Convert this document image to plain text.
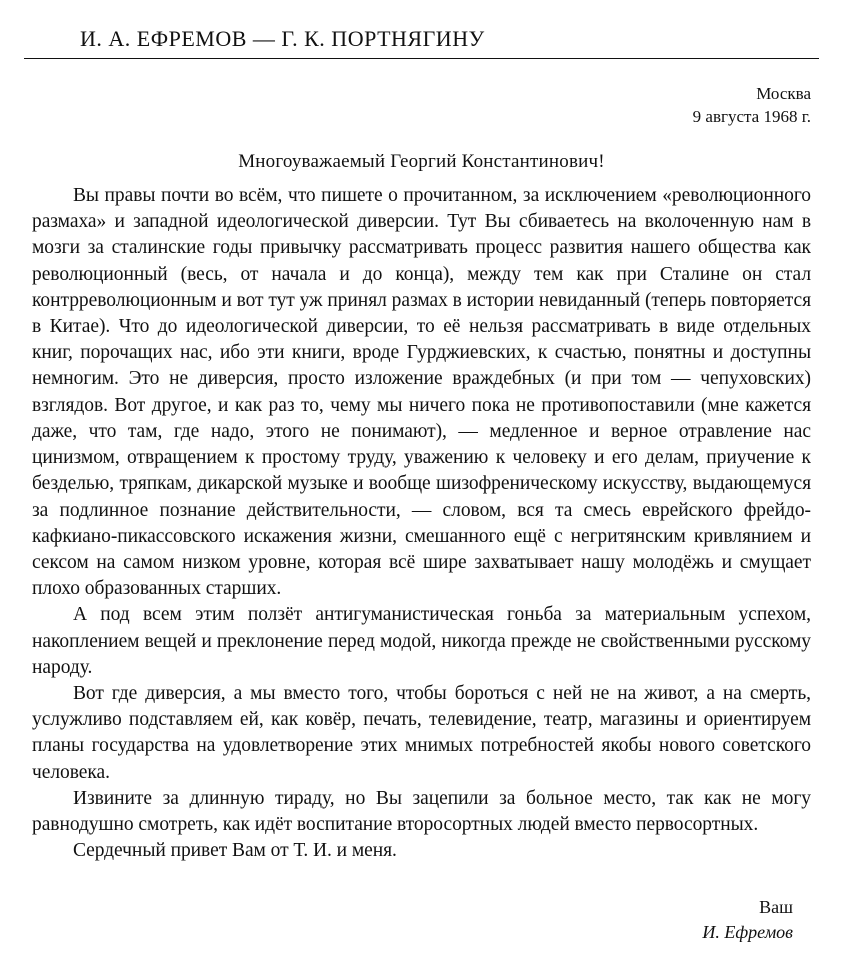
И. А. ЕФРЕМОВ — Г. К. ПОРТНЯГИНУ
Москва
9 августа 1968 г.
Многоуважаемый Георгий Константинович!

Вы правы почти во всём, что пишете о прочитанном, за исключением «революционного размаха» и западной идеологической диверсии. Тут Вы сбиваетесь на вколоченную нам в мозги за сталинские годы привычку рассматривать процесс развития нашего общества как революционный (весь, от начала и до конца), между тем как при Сталине он стал контрреволюционным и вот тут уж принял размах в истории невиданный (теперь повторяется в Китае). Что до идеологической диверсии, то её нельзя рассматривать в виде отдельных книг, порочащих нас, ибо эти книги, вроде Гурджиевских, к счастью, понятны и доступны немногим. Это не диверсия, просто изложение враждебных (и при том — чепуховских) взглядов. Вот другое, и как раз то, чему мы ничего пока не противопоставили (мне кажется даже, что там, где надо, этого не понимают), — медленное и верное отравление нас цинизмом, отвращением к простому труду, уважению к человеку и его делам, приучение к безделью, тряпкам, дикарской музыке и вообще шизофреническому искусству, выдающемуся за подлинное познание действительности, — словом, вся та смесь еврейского фрейдо-кафкиано-пикассовского искажения жизни, смешанного ещё с негритянским кривлянием и сексом на самом низком уровне, которая всё шире захватывает нашу молодёжь и смущает плохо образованных старших.

А под всем этим ползёт антигуманистическая гоньба за материальным успехом, накоплением вещей и преклонение перед модой, никогда прежде не свойственными русскому народу.

Вот где диверсия, а мы вместо того, чтобы бороться с ней не на живот, а на смерть, услужливо подставляем ей, как ковёр, печать, телевидение, театр, магазины и ориентируем планы государства на удовлетворение этих мнимых потребностей якобы нового советского человека.

Извините за длинную тираду, но Вы зацепили за больное место, так как не могу равнодушно смотреть, как идёт воспитание второсортных людей вместо первосортных.

Сердечный привет Вам от Т. И. и меня.

Ваш
И. Ефремов
